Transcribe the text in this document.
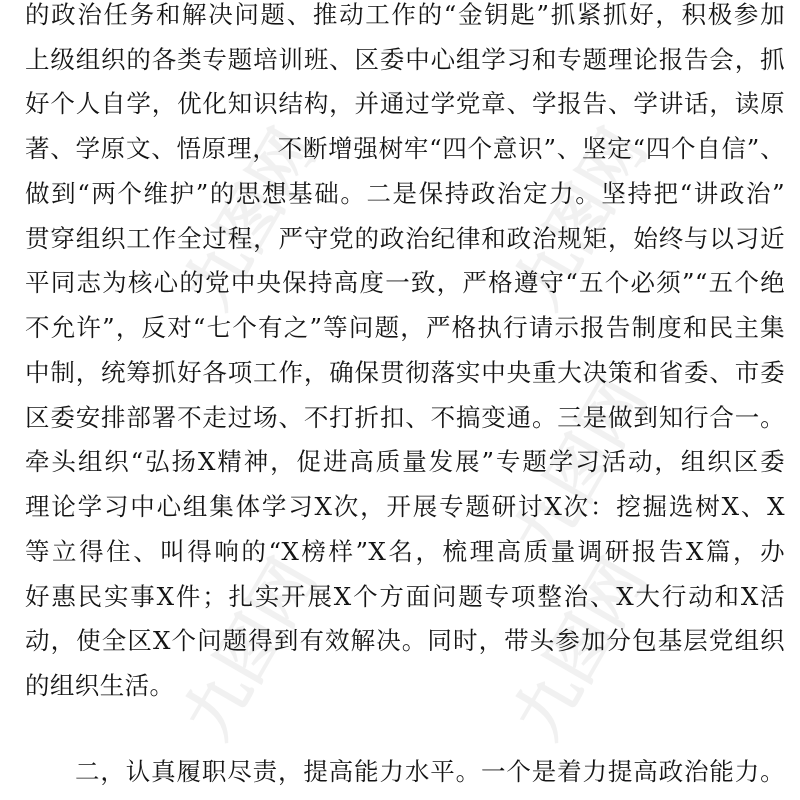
九图网	九图网
九图网
九图网	九图网
的政治任务和解决问题、推动工作的“金钥匙”抓紧抓好，积极参加
上级组织的各类专题培训班、区委中心组学习和专题理论报告会，抓
好个人自学，优化知识结构，并通过学党章、学报告、学讲话，读原
著、学原文、悟原理，不断增强树牢“四个意识”、坚定“四个自信”、
做到“两个维护”的思想基础。二是保持政治定力。坚持把“讲政治”
贯穿组织工作全过程，严守党的政治纪律和政治规矩，始终与以习近
平同志为核心的党中央保持高度一致，严格遵守“五个必须”“五个绝
不允许”，反对“七个有之”等问题，严格执行请示报告制度和民主集
中制，统筹抓好各项工作，确保贯彻落实中央重大决策和省委、市委
区委安排部署不走过场、不打折扣、不搞变通。三是做到知行合一。
牵头组织“弘扬X精神，促进高质量发展”专题学习活动，组织区委
理论学习中心组集体学习X次，开展专题研讨X次：挖掘选树X、X
等立得住、叫得响的“X榜样”X名，梳理高质量调研报告X篇，办
好惠民实事X件；扎实开展X个方面问题专项整治、X大行动和X活
动，使全区X个问题得到有效解决。同时，带头参加分包基层党组织
的组织生活。
二，认真履职尽责，提高能力水平。一个是着力提高政治能力。
